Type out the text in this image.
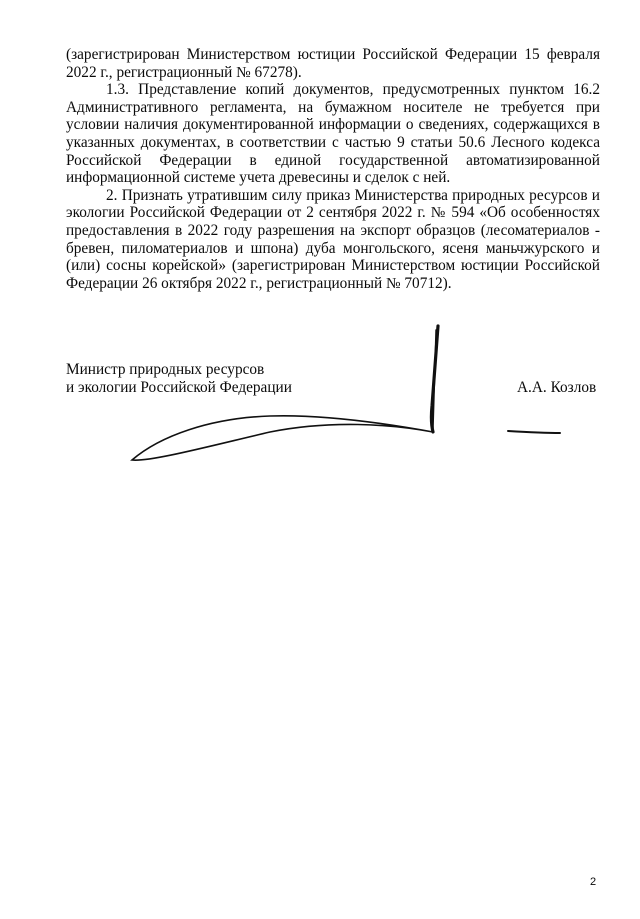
(зарегистрирован Министерством юстиции Российской Федерации 15 февраля 2022 г., регистрационный № 67278).

1.3. Представление копий документов, предусмотренных пунктом 16.2 Административного регламента, на бумажном носителе не требуется при условии наличия документированной информации о сведениях, содержащихся в указанных документах, в соответствии с частью 9 статьи 50.6 Лесного кодекса Российской Федерации в единой государственной автоматизированной информационной системе учета древесины и сделок с ней.

2. Признать утратившим силу приказ Министерства природных ресурсов и экологии Российской Федерации от 2 сентября 2022 г. № 594 «Об особенностях предоставления в 2022 году разрешения на экспорт образцов (лесоматериалов - бревен, пиломатериалов и шпона) дуба монгольского, ясеня маньчжурского и (или) сосны корейской» (зарегистрирован Министерством юстиции Российской Федерации 26 октября 2022 г., регистрационный № 70712).

Министр природных ресурсов
и экологии Российской Федерации	А.А. Козлов
2
